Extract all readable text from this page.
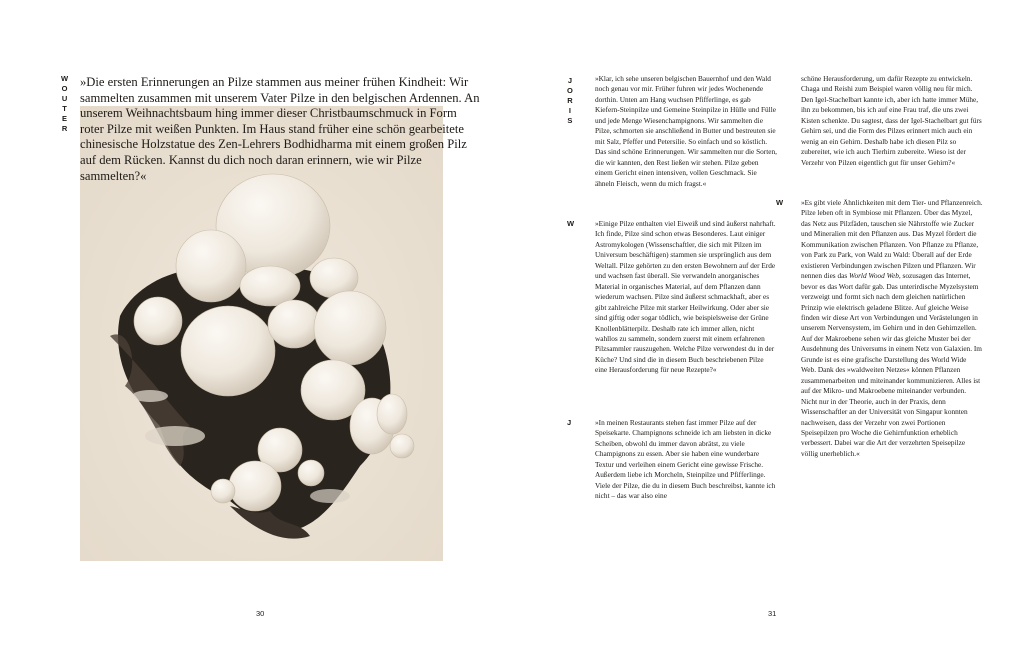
W
O
U
T
E
R

»Die ersten Erinnerungen an Pilze stammen aus meiner frühen Kindheit: Wir sammelten zusammen mit unserem Vater Pilze in den belgischen Ardennen. An unserem Weihnachtsbaum hing immer dieser Christbaumschmuck in Form roter Pilze mit weißen Punkten. Im Haus stand früher eine schön gearbeitete chinesische Holzstatue des Zen-Lehrers Bodhidharma mit einem großen Pilz auf dem Rücken. Kannst du dich noch daran erinnern, wie wir Pilze sammelten?«

30
J
O
R
I
S

»Klar, ich sehe unseren belgischen Bauernhof und den Wald noch genau vor mir. Früher fuhren wir jedes Wochenende dorthin. Unten am Hang wuchsen Pfifferlinge, es gab Kiefern-Steinpilze und Gemeine Steinpilze in Hülle und Fülle und jede Menge Wiesenchampignons. Wir sammelten die Pilze, schmorten sie anschließend in Butter und bestreuten sie mit Salz, Pfeffer und Petersilie. So einfach und so köstlich. Das sind schöne Erinnerungen. Wir sammelten nur die Sorten, die wir kannten, den Rest ließen wir stehen. Pilze geben einem Gericht einen intensiven, vollen Geschmack. Sie ähneln Fleisch, wenn du mich fragst.«

W	»Einige Pilze enthalten viel Eiweiß und sind äußerst nahrhaft. Ich finde, Pilze sind schon etwas Besonderes. Laut einiger Astromykologen (Wissenschaftler, die sich mit Pilzen im Universum beschäftigen) stammen sie ursprünglich aus dem Weltall. Pilze gehörten zu den ersten Bewohnern auf der Erde und wachsen fast überall. Sie verwandeln anorganisches Material in organisches Material, auf dem Pflanzen dann wiederum wachsen. Pilze sind äußerst schmackhaft, aber es gibt zahlreiche Pilze mit starker Heilwirkung. Oder aber sie sind giftig oder sogar tödlich, wie beispielsweise der Grüne Knollenblätterpilz. Deshalb rate ich immer allen, nicht wahllos zu sammeln, sondern zuerst mit einem erfahrenen Pilzsammler rauszugehen. Welche Pilze verwendest du in der Küche? Und sind die in diesem Buch beschriebenen Pilze eine Herausforderung für neue Rezepte?«

J	»In meinen Restaurants stehen fast immer Pilze auf der Speisekarte. Champignons schneide ich am liebsten in dicke Scheiben, obwohl du immer davon abrätst, zu viele Champignons zu essen. Aber sie haben eine wunderbare Textur und verleihen einem Gericht eine gewisse Frische. Außerdem liebe ich Morcheln, Steinpilze und Pfifferlinge. Viele der Pilze, die du in diesem Buch beschreibst, kannte ich nicht – das war also eine

schöne Herausforderung, um dafür Rezepte zu entwickeln. Chaga und Reishi zum Beispiel waren völlig neu für mich. Den Igel-Stachelbart kannte ich, aber ich hatte immer Mühe, ihn zu bekommen, bis ich auf eine Frau traf, die uns zwei Kisten schenkte. Du sagtest, dass der Igel-Stachelbart gut fürs Gehirn sei, und die Form des Pilzes erinnert mich auch ein wenig an ein Gehirn. Deshalb habe ich diesen Pilz so zubereitet, wie ich auch Tierhirn zubereite. Wieso ist der Verzehr von Pilzen eigentlich gut für unser Gehirn?«

W »Es gibt viele Ähnlichkeiten mit dem Tier- und Pflanzenreich. Pilze leben oft in Symbiose mit Pflanzen. Über das Myzel, das Netz aus Pilzfäden, tauschen sie Nährstoffe wie Zucker und Mineralien mit den Pflanzen aus. Das Myzel fördert die Kommunikation zwischen Pflanzen. Von Pflanze zu Pflanze, von Park zu Park, von Wald zu Wald: Überall auf der Erde existieren Verbindungen zwischen Pilzen und Pflanzen. Wir nennen dies das World Wood Web, sozusagen das Internet, bevor es das Wort dafür gab. Das unterirdische Myzelsystem verzweigt und formt sich nach dem gleichen natürlichen Prinzip wie elektrisch geladene Blitze. Auf gleiche Weise finden wir diese Art von Verbindungen und Verästelungen in unserem Nervensystem, im Gehirn und in den Gehirnzellen. Auf der Makroebene sehen wir das gleiche Muster bei der Ausdehnung des Universums in einem Netz von Galaxien. Im Grunde ist es eine grafische Darstellung des World Wide Web. Dank des »waldweiten Netzes« können Pflanzen zusammenarbeiten und miteinander kommunizieren. Alles ist auf der Mikro- und Makroebene miteinander verbunden. Nicht nur in der Theorie, auch in der Praxis, denn Wissenschaftler an der Universität von Singapur konnten nachweisen, dass der Verzehr von zwei Portionen Speisepilzen pro Woche die Gehirnfunktion erheblich verbessert. Dabei war die Art der verzehrten Speisepilze völlig unerheblich.«

31
